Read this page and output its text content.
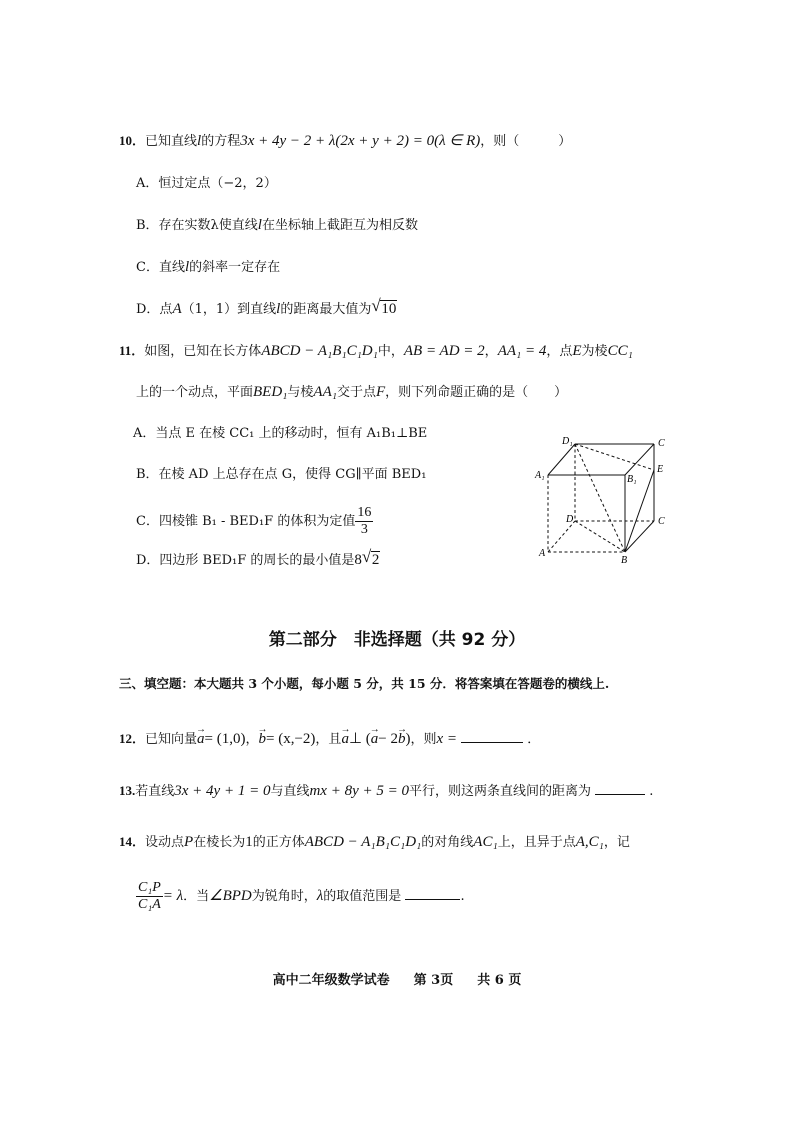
10．已知直线l的方程3x + 4y − 2 + λ(2x + y + 2) = 0(λ ∈ R)，则（　　　）
A．恒过定点（−2，2）
B．存在实数λ使直线l在坐标轴上截距互为相反数
C．直线l的斜率一定存在
D．点A（1，1）到直线l的距离最大值为 √ 10
11．如图，已知在长方体ABCD − A₁B₁C₁D₁中，AB = AD = 2，AA₁ = 4，点E为棱CC₁
上的一个动点，平面BED₁与棱AA₁交于点F，则下列命题正确的是（　　）
A．当点 E 在棱 CC₁ 上的移动时，恒有 A₁B₁⊥BE
B．在棱 AD 上总存在点 G，使得 CG∥平面 BED₁
C．四棱锥 B₁ - BED₁F 的体积为定值 $\frac{16}{3}$
D．四边形 BED₁F 的周长的最小值是8 √ 2
D₁	C
A₁	B₁
E
D	C
A
B
第二部分　非选择题（共 92 分）
三、填空题：本大题共 3 个小题，每小题 5 分，共 15 分．将答案填在答题卷的横线上.
12．已知向量→ a= (1,0)，→ b= (x,−2)，且→ a⊥ (→ a− 2→ b)，则x =	．
13.若直线3x + 4y + 1 = 0与直线mx + 8y + 5 = 0平行，则这两条直线间的距离为	.
14．设动点P在棱长为1的正方体ABCD − A₁B₁C₁D₁的对角线AC₁上，且异于点A,C₁，记
$\frac{\text{C₁P}}{\text{C₁A}} = \lambda$．当∠BPD为锐角时，λ的取值范围是	.
高中二年级数学试卷 第 3页 共 6 页
